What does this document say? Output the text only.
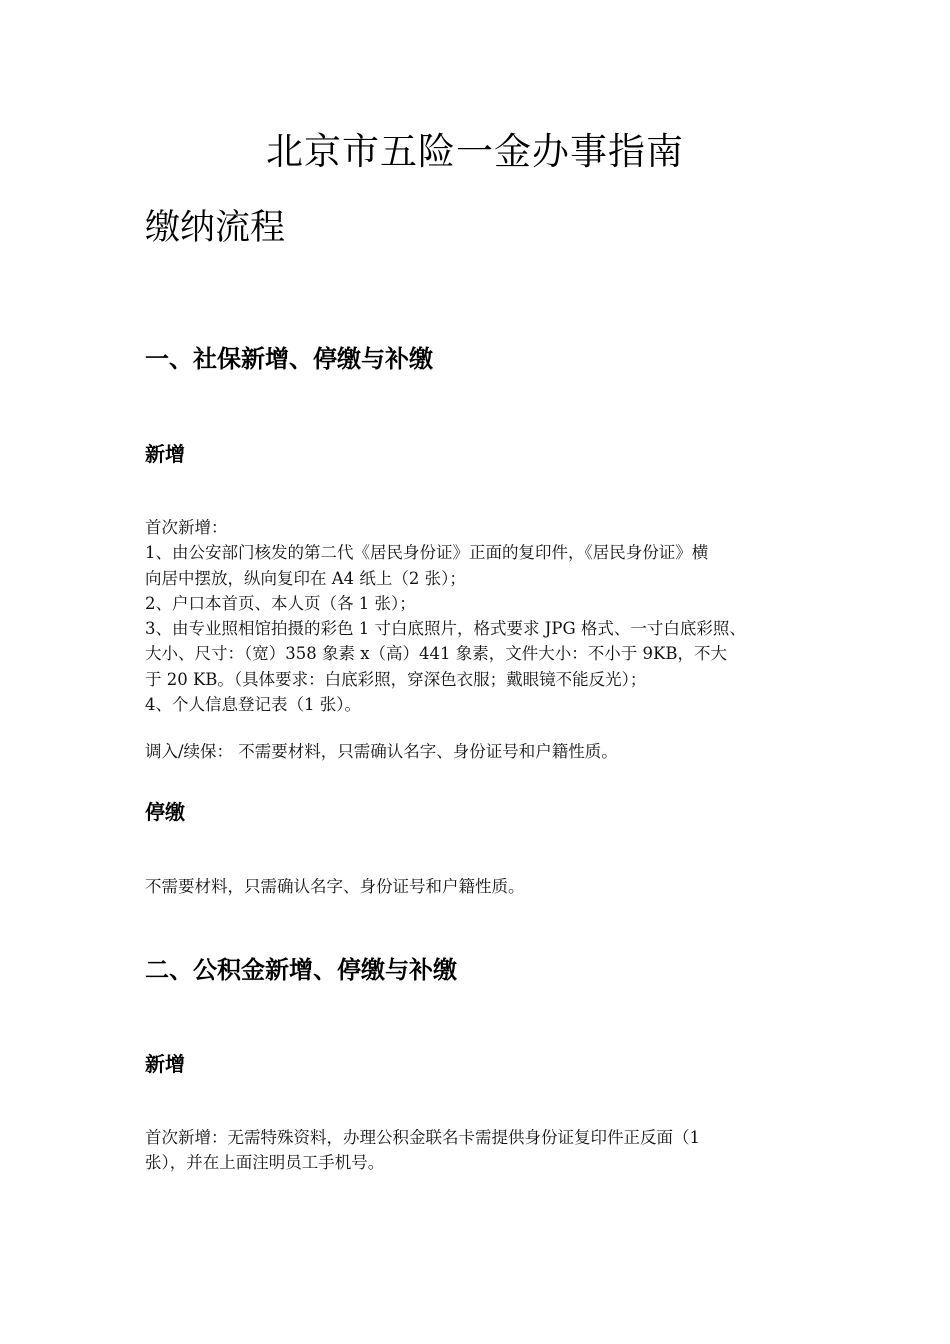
北京市五险一金办事指南
缴纳流程
一、社保新增、停缴与补缴
新增
首次新增：
1、由公安部门核发的第二代《居民身份证》正面的复印件，《居民身份证》横
向居中摆放，纵向复印在 A4 纸上（2 张）；
2、户口本首页、本人页（各 1 张）；
3、由专业照相馆拍摄的彩色 1 寸白底照片，格式要求 JPG 格式、一寸白底彩照、
大小、尺寸：（宽）358 象素 x（高）441 象素，文件大小：不小于 9KB，不大
于 20 KB。（具体要求：白底彩照，穿深色衣服；戴眼镜不能反光）；
4、个人信息登记表（1 张）。

调入/续保： 不需要材料，只需确认名字、身份证号和户籍性质。

停缴

不需要材料，只需确认名字、身份证号和户籍性质。

二、公积金新增、停缴与补缴
新增
首次新增：无需特殊资料，办理公积金联名卡需提供身份证复印件正反面（1
张），并在上面注明员工手机号。
